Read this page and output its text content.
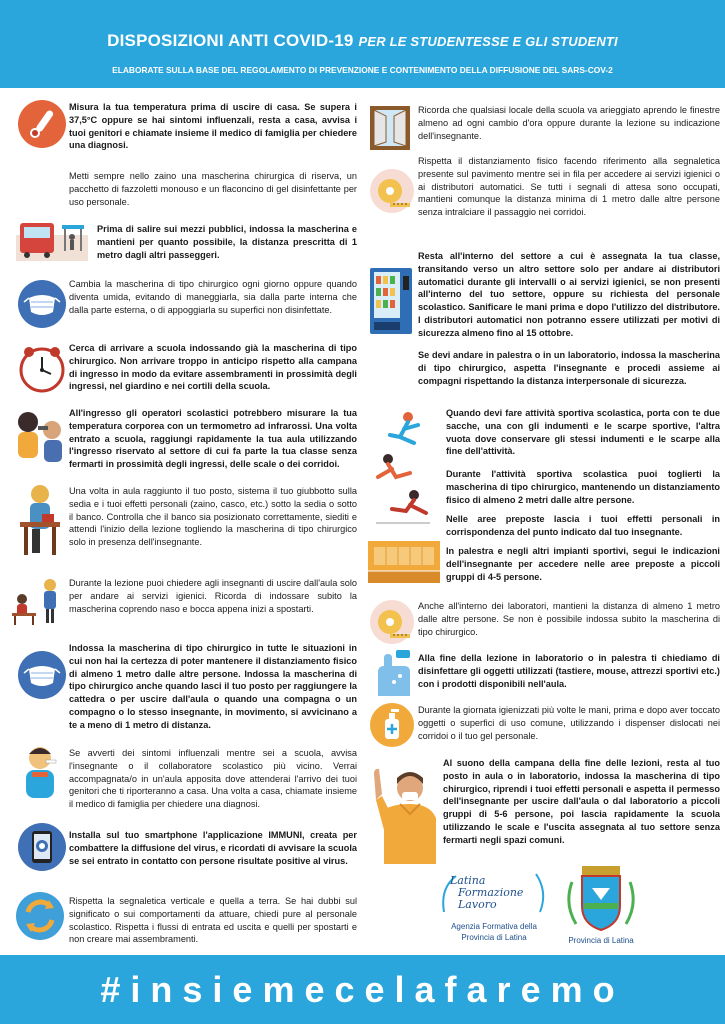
DISPOSIZIONI ANTI COVID-19 PER LE STUDENTESSE E GLI STUDENTI
ELABORATE SULLA BASE DEL REGOLAMENTO DI PREVENZIONE E CONTENIMENTO DELLA DIFFUSIONE DEL SARS-COV-2

Misura la tua temperatura prima di uscire di casa. Se supera i 37,5°C oppure se hai sintomi influenzali, resta a casa, avvisa i tuoi genitori e chiamate insieme il medico di famiglia per chiedere una diagnosi.

Metti sempre nello zaino una mascherina chirurgica di riserva, un pacchetto di fazzoletti monouso e un flaconcino di gel disinfettante per uso personale.

Prima di salire sui mezzi pubblici, indossa la mascherina e mantieni per quanto possibile, la distanza prescritta di 1 metro dagli altri passeggeri.

Cambia la mascherina di tipo chirurgico ogni giorno oppure quando diventa umida, evitando di maneggiarla, sia dalla parte interna che dalla parte esterna, o di appoggiarla su superfici non disinfettate.

Cerca di arrivare a scuola indossando già la mascherina di tipo chirurgico. Non arrivare troppo in anticipo rispetto alla campana di ingresso in modo da evitare assembramenti in prossimità degli ingressi, nel giardino e nei cortili della scuola.

All'ingresso gli operatori scolastici potrebbero misurare la tua temperatura corporea con un termometro ad infrarossi. Una volta entrato a scuola, raggiungi rapidamente la tua aula utilizzando l'ingresso riservato al settore di cui fa parte la tua classe senza fermarti in prossimità degli ingressi, delle scale o dei corridoi.

Una volta in aula raggiunto il tuo posto, sistema il tuo giubbotto sulla sedia e i tuoi effetti personali (zaino, casco, etc.) sotto la sedia o sotto il banco. Controlla che il banco sia posizionato correttamente, siediti e attendi l'inizio della lezione togliendo la mascherina di tipo chirurgico solo in presenza dell'insegnante.

Durante la lezione puoi chiedere agli insegnanti di uscire dall'aula solo per andare ai servizi igienici. Ricorda di indossare subito la mascherina coprendo naso e bocca appena inizi a spostarti.

Indossa la mascherina di tipo chirurgico in tutte le situazioni in cui non hai la certezza di poter mantenere il distanziamento fisico di almeno 1 metro dalle altre persone. Indossa la mascherina di tipo chirurgico anche quando lasci il tuo posto per raggiungere la cattedra o per uscire dall'aula o quando una compagna o un compagno o lo stesso insegnante, in movimento, si avvicinano a te a meno di 1 metro di distanza.

Se avverti dei sintomi influenzali mentre sei a scuola, avvisa l'insegnante o il collaboratore scolastico più vicino. Verrai accompagnata/o in un'aula apposita dove attenderai l'arrivo dei tuoi genitori che ti riporteranno a casa. Una volta a casa, chiamate insieme il medico di famiglia per chiedere una diagnosi.

Installa sul tuo smartphone l'applicazione IMMUNI, creata per combattere la diffusione del virus, e ricordati di avvisare la scuola se sei entrato in contatto con persone risultate positive al virus.

Rispetta la segnaletica verticale e quella a terra. Se hai dubbi sul significato o sui comportamenti da attuare, chiedi pure al personale scolastico. Rispetta i flussi di entrata ed uscita e quelli per spostarti e non creare mai assembramenti.

Ricorda che qualsiasi locale della scuola va arieggiato aprendo le finestre almeno ad ogni cambio d'ora oppure durante la lezione su indicazione dell'insegnante.

Rispetta il distanziamento fisico facendo riferimento alla segnaletica presente sul pavimento mentre sei in fila per accedere ai servizi igienici o ai distributori automatici. Se tutti i segnali di attesa sono occupati, mantieni comunque la distanza minima di 1 metro dalle altre persone senza intralciare il passaggio nei corridoi.

Resta all'interno del settore a cui è assegnata la tua classe, transitando verso un altro settore solo per andare ai distributori automatici durante gli intervalli o ai servizi igienici, se non presenti all'interno del tuo settore, oppure su richiesta del personale scolastico. Sanificare le mani prima e dopo l'utilizzo del distributore. I distributori automatici non potranno essere utilizzati per motivi di sicurezza almeno fino al 15 ottobre.

Se devi andare in palestra o in un laboratorio, indossa la mascherina di tipo chirurgico, aspetta l'insegnante e procedi assieme ai compagni rispettando la distanza interpersonale di sicurezza.

Quando devi fare attività sportiva scolastica, porta con te due sacche, una con gli indumenti e le scarpe sportive, l'altra vuota dove conservare gli stessi indumenti e le scarpe alla fine dell'attività.

Durante l'attività sportiva scolastica puoi toglierti la mascherina di tipo chirurgico, mantenendo un distanziamento fisico di almeno 2 metri dalle altre persone.

Nelle aree preposte lascia i tuoi effetti personali in corrispondenza del punto indicato dal tuo insegnante.

In palestra e negli altri impianti sportivi, segui le indicazioni dell'insegnante per accedere nelle aree preposte a piccoli gruppi di 4-5 persone.

Anche all'interno dei laboratori, mantieni la distanza di almeno 1 metro dalle altre persone. Se non è possibile indossa subito la mascherina di tipo chirurgico.

Alla fine della lezione in laboratorio o in palestra ti chiediamo di disinfettare gli oggetti utilizzati (tastiere, mouse, attrezzi sportivi etc.) con i prodotti disponibili nell'aula.

Durante la giornata igienizzati più volte le mani, prima e dopo aver toccato oggetti o superfici di uso comune, utilizzando i dispenser dislocati nei corridoi o il tuo gel personale.

Al suono della campana della fine delle lezioni, resta al tuo posto in aula o in laboratorio, indossa la mascherina di tipo chirurgico, riprendi i tuoi effetti personali e aspetta il permesso dell'insegnante per uscire dall'aula o dal laboratorio a piccoli gruppi di 5-6 persone, poi lascia rapidamente la scuola utilizzando le scale e l'uscita assegnata al tuo settore senza fermarti negli spazi comuni.

Latina
Formazione
Lavoro
Agenzia Formativa della
Provincia di Latina	Provincia di Latina
#insiemecelafaremo
